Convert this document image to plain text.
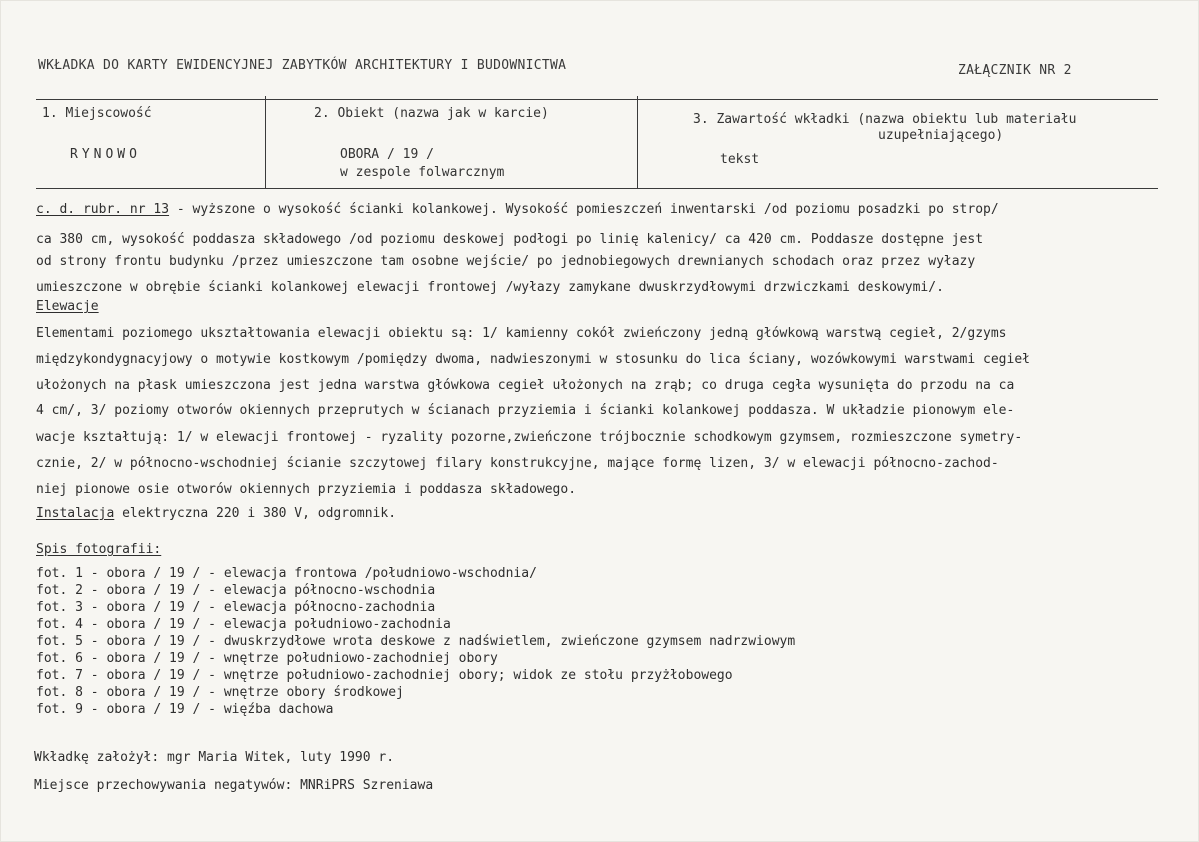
WKŁADKA DO KARTY EWIDENCYJNEJ ZABYTKÓW ARCHITEKTURY I BUDOWNICTWA	ZAŁĄCZNIK NR 2
1. Miejscowość
RYNOWO
2. Obiekt (nazwa jak w karcie)
OBORA / 19 /
w zespole folwarcznym
3. Zawartość wkładki (nazwa obiektu lub materiału
uzupełniającego)
tekst
c. d. rubr. nr 13 - wyższone o wysokość ścianki kolankowej. Wysokość pomieszczeń inwentarski /od poziomu posadzki po strop/
ca 380 cm, wysokość poddasza składowego /od poziomu deskowej podłogi po linię kalenicy/ ca 420 cm. Poddasze dostępne jest
od strony frontu budynku /przez umieszczone tam osobne wejście/ po jednobiegowych drewnianych schodach oraz przez wyłazy
umieszczone w obrębie ścianki kolankowej elewacji frontowej /wyłazy zamykane dwuskrzydłowymi drzwiczkami deskowymi/.
Elewacje
Elementami poziomego ukształtowania elewacji obiektu są: 1/ kamienny cokół zwieńczony jedną główkową warstwą cegieł, 2/gzyms
międzykondygnacyjowy o motywie kostkowym /pomiędzy dwoma, nadwieszonymi w stosunku do lica ściany, wozówkowymi warstwami cegieł
ułożonych na płask umieszczona jest jedna warstwa główkowa cegieł ułożonych na zrąb; co druga cegła wysunięta do przodu na ca
4 cm/, 3/ poziomy otworów okiennych przeprutych w ścianach przyziemia i ścianki kolankowej poddasza. W układzie pionowym ele-
wacje kształtują: 1/ w elewacji frontowej - ryzality pozorne,zwieńczone trójbocznie schodkowym gzymsem, rozmieszczone symetry-
cznie, 2/ w północno-wschodniej ścianie szczytowej filary konstrukcyjne, mające formę lizen, 3/ w elewacji północno-zachod-
niej pionowe osie otworów okiennych przyziemia i poddasza składowego.
Instalacja elektryczna 220 i 380 V, odgromnik.
Spis fotografii:
fot. 1 - obora / 19 / - elewacja frontowa /południowo-wschodnia/
fot. 2 - obora / 19 / - elewacja północno-wschodnia
fot. 3 - obora / 19 / - elewacja północno-zachodnia
fot. 4 - obora / 19 / - elewacja południowo-zachodnia
fot. 5 - obora / 19 / - dwuskrzydłowe wrota deskowe z nadświetlem, zwieńczone gzymsem nadrzwiowym
fot. 6 - obora / 19 / - wnętrze południowo-zachodniej obory
fot. 7 - obora / 19 / - wnętrze południowo-zachodniej obory; widok ze stołu przyżłobowego
fot. 8 - obora / 19 / - wnętrze obory środkowej
fot. 9 - obora / 19 / - więźba dachowa
Wkładkę założył: mgr Maria Witek, luty 1990 r.
Miejsce przechowywania negatywów: MNRiPRS Szreniawa
